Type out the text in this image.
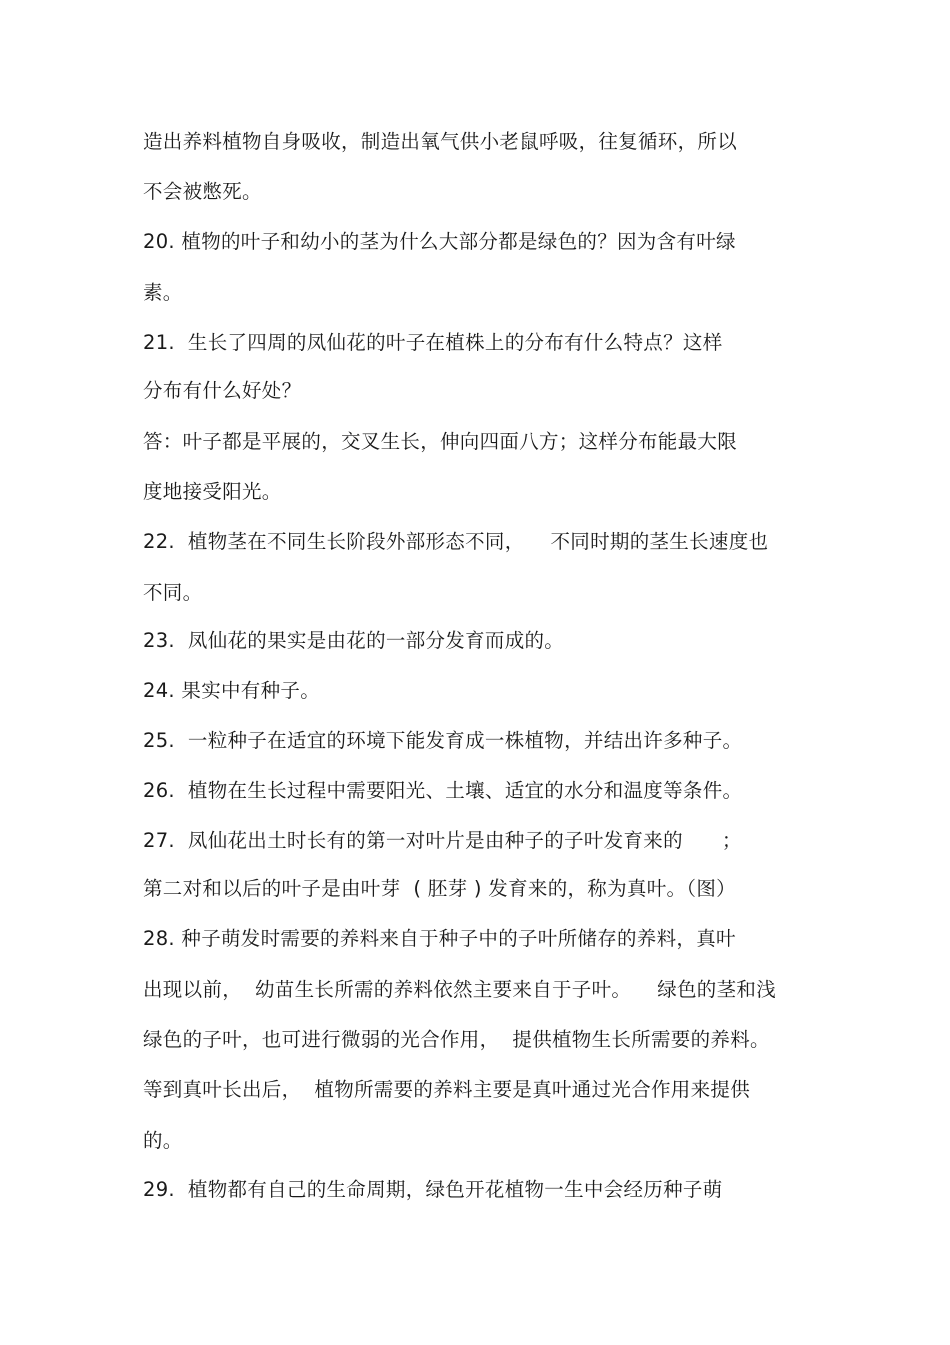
造出养料植物自身吸收，制造出氧气供小老鼠呼吸，往复循环，所以
不会被憋死。
20. 植物的叶子和幼小的茎为什么大部分都是绿色的？因为含有叶绿
素。
21.  生长了四周的凤仙花的叶子在植株上的分布有什么特点？这样
分布有什么好处？
答：叶子都是平展的，交叉生长，伸向四面八方；这样分布能最大限
度地接受阳光。
22.  植物茎在不同生长阶段外部形态不同，    不同时期的茎生长速度也
不同。
23.  凤仙花的果实是由花的一部分发育而成的。
24. 果实中有种子。
25.  一粒种子在适宜的环境下能发育成一株植物，并结出许多种子。
26.  植物在生长过程中需要阳光、土壤、适宜的水分和温度等条件。
27.  凤仙花出土时长有的第一对叶片是由种子的子叶发育来的      ；
第二对和以后的叶子是由叶芽  ( 胚芽 ) 发育来的，称为真叶。（图）
28. 种子萌发时需要的养料来自于种子中的子叶所储存的养料，真叶
出现以前，  幼苗生长所需的养料依然主要来自于子叶。    绿色的茎和浅
绿色的子叶，也可进行微弱的光合作用，  提供植物生长所需要的养料。
等到真叶长出后，  植物所需要的养料主要是真叶通过光合作用来提供
的。
29.  植物都有自己的生命周期，绿色开花植物一生中会经历种子萌
